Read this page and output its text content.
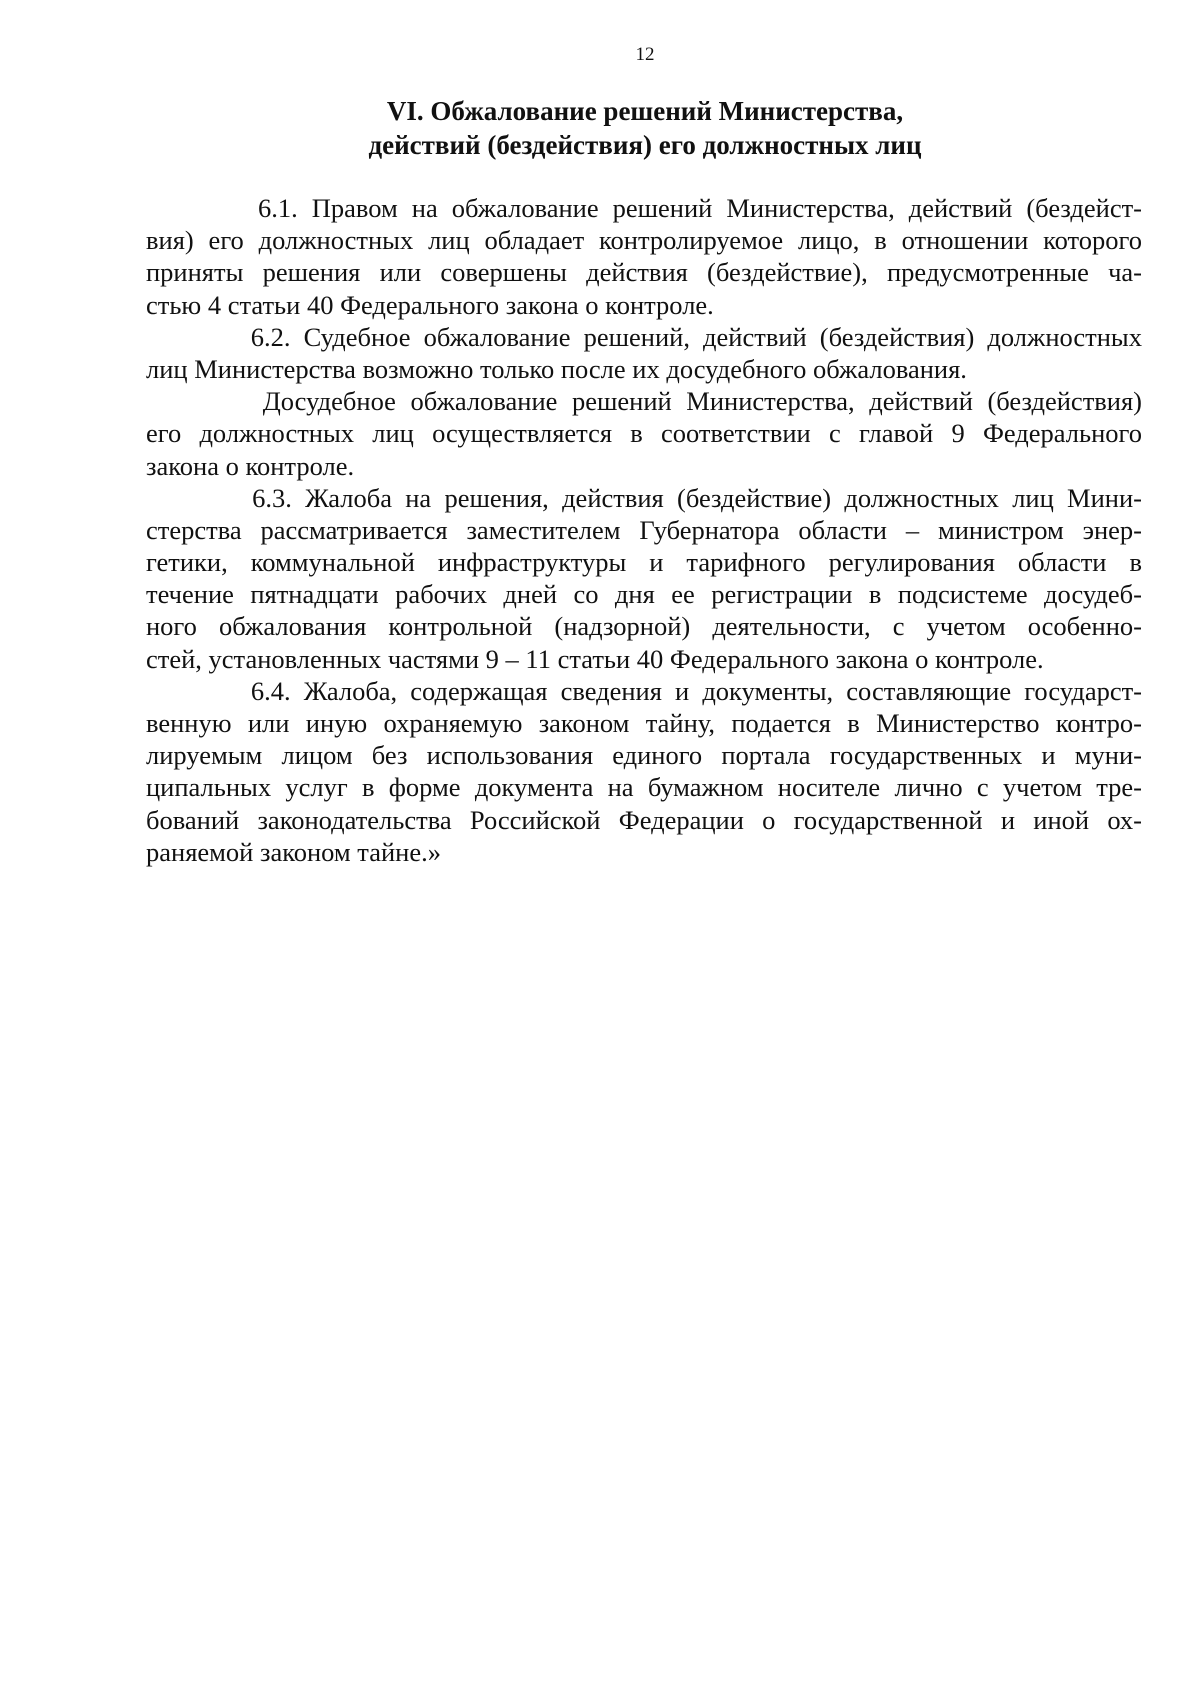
12
VI. Обжалование решений Министерства,
действий (бездействия) его должностных лиц
6.1. Правом на обжалование решений Министерства, действий (бездейст-
вия) его должностных лиц обладает контролируемое лицо, в отношении которого
приняты решения или совершены действия (бездействие), предусмотренные ча-
стью 4 статьи 40 Федерального закона о контроле.
6.2. Судебное обжалование решений, действий (бездействия) должностных
лиц Министерства возможно только после их досудебного обжалования.
Досудебное обжалование решений Министерства, действий (бездействия)
его должностных лиц осуществляется в соответствии с главой 9 Федерального
закона о контроле.
6.3. Жалоба на решения, действия (бездействие) должностных лиц Мини-
стерства рассматривается заместителем Губернатора области – министром энер-
гетики, коммунальной инфраструктуры и тарифного регулирования области в
течение пятнадцати рабочих дней со дня ее регистрации в подсистеме досудеб-
ного обжалования контрольной (надзорной) деятельности, с учетом особенно-
стей, установленных частями 9 – 11 статьи 40 Федерального закона о контроле.
6.4. Жалоба, содержащая сведения и документы, составляющие государст-
венную или иную охраняемую законом тайну, подается в Министерство контро-
лируемым лицом без использования единого портала государственных и муни-
ципальных услуг в форме документа на бумажном носителе лично с учетом тре-
бований законодательства Российской Федерации о государственной и иной ох-
раняемой законом тайне.»
